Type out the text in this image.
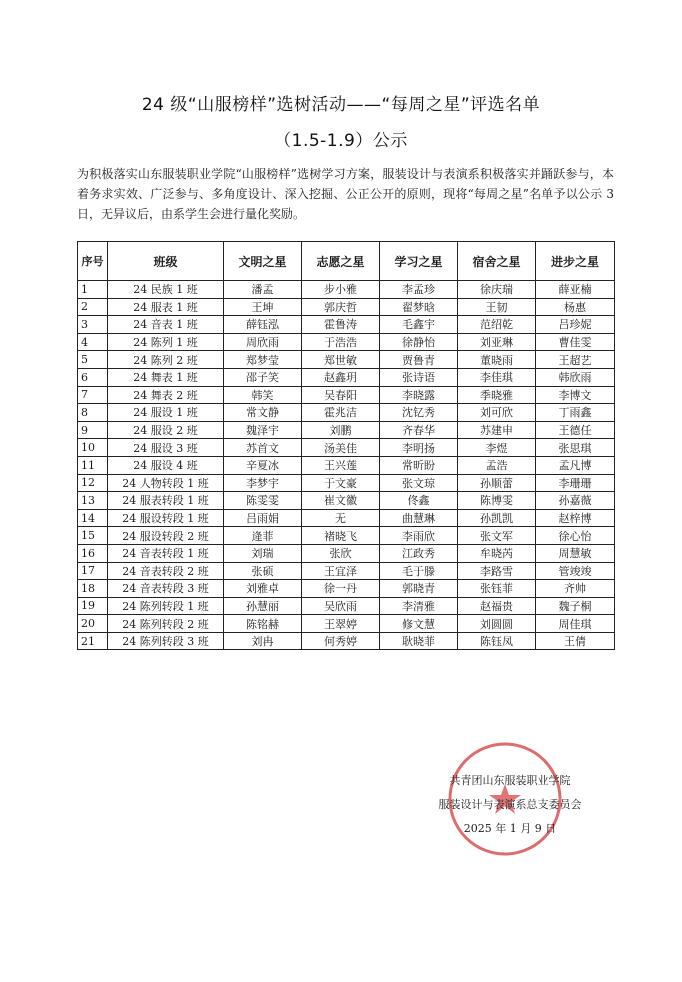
24 级“山服榜样”选树活动——“每周之星”评选名单
（1.5-1.9）公示
为积极落实山东服装职业学院“山服榜样”选树学习方案，服装设计与表演系积极落实并踊跃参与，本着务求实效、广泛参与、多角度设计、深入挖掘、公正公开的原则，现将“每周之星”名单予以公示 3 日，无异议后，由系学生会进行量化奖励。
序号	班级	文明之星	志愿之星	学习之星	宿舍之星	进步之星
1	24 民族 1 班	潘孟	步小雅	李孟珍	徐庆瑞	薛亚楠
2	24 服表 1 班	王坤	郭庆哲	翟梦晗	王韧	杨惠
3	24 音表 1 班	薛钰泓	霍鲁涛	毛鑫宇	范绍乾	吕珍妮
4	24 陈列 1 班	周欣雨	于浩浩	徐静怡	刘亚琳	曹佳雯
5	24 陈列 2 班	郑梦莹	郑世敏	贾鲁青	董晓雨	王超艺
6	24 舞表 1 班	邵子笑	赵鑫玥	张诗语	李佳琪	韩欣雨
7	24 舞表 2 班	韩笑	吴春阳	李晓露	季晓雅	李博文
8	24 服设 1 班	常文静	霍兆洁	沈钇秀	刘可欣	丁雨鑫
9	24 服设 2 班	魏泽宇	刘鹏	齐春华	苏建申	王德任
10	24 服设 3 班	苏首文	汤美佳	李明扬	李煜	张思琪
11	24 服设 4 班	辛夏冰	王兴莲	常昕盼	孟浩	孟凡博
12	24 人物转段 1 班	李梦宇	于文豪	张文琼	孙顺蕾	李珊珊
13	24 服表转段 1 班	陈雯雯	崔文徽	佟鑫	陈博雯	孙嘉薇
14	24 服设转段 1 班	吕雨娟	无	曲慧琳	孙凯凯	赵梓博
15	24 服设转段 2 班	逄菲	褚晓飞	李雨欣	张文军	徐心怡
16	24 音表转段 1 班	刘瑞	张欣	江政秀	牟晓芮	周慧敏
17	24 音表转段 2 班	张硕	王宜泽	毛于滕	李路雪	管竣竣
18	24 音表转段 3 班	刘雅卓	徐一丹	郭晓青	张钰菲	齐帅
19	24 陈列转段 1 班	孙慧丽	吴欣雨	李清雅	赵福贵	魏子桐
20	24 陈列转段 2 班	陈铭赫	王翠婷	修文慧	刘圆圆	周佳琪
21	24 陈列转段 3 班	刘冉	何秀婷	耿晓菲	陈钰凤	王倩
共青团山东服装职业学院
服装设计与表演系总支委员会
2025 年 1 月 9 日
